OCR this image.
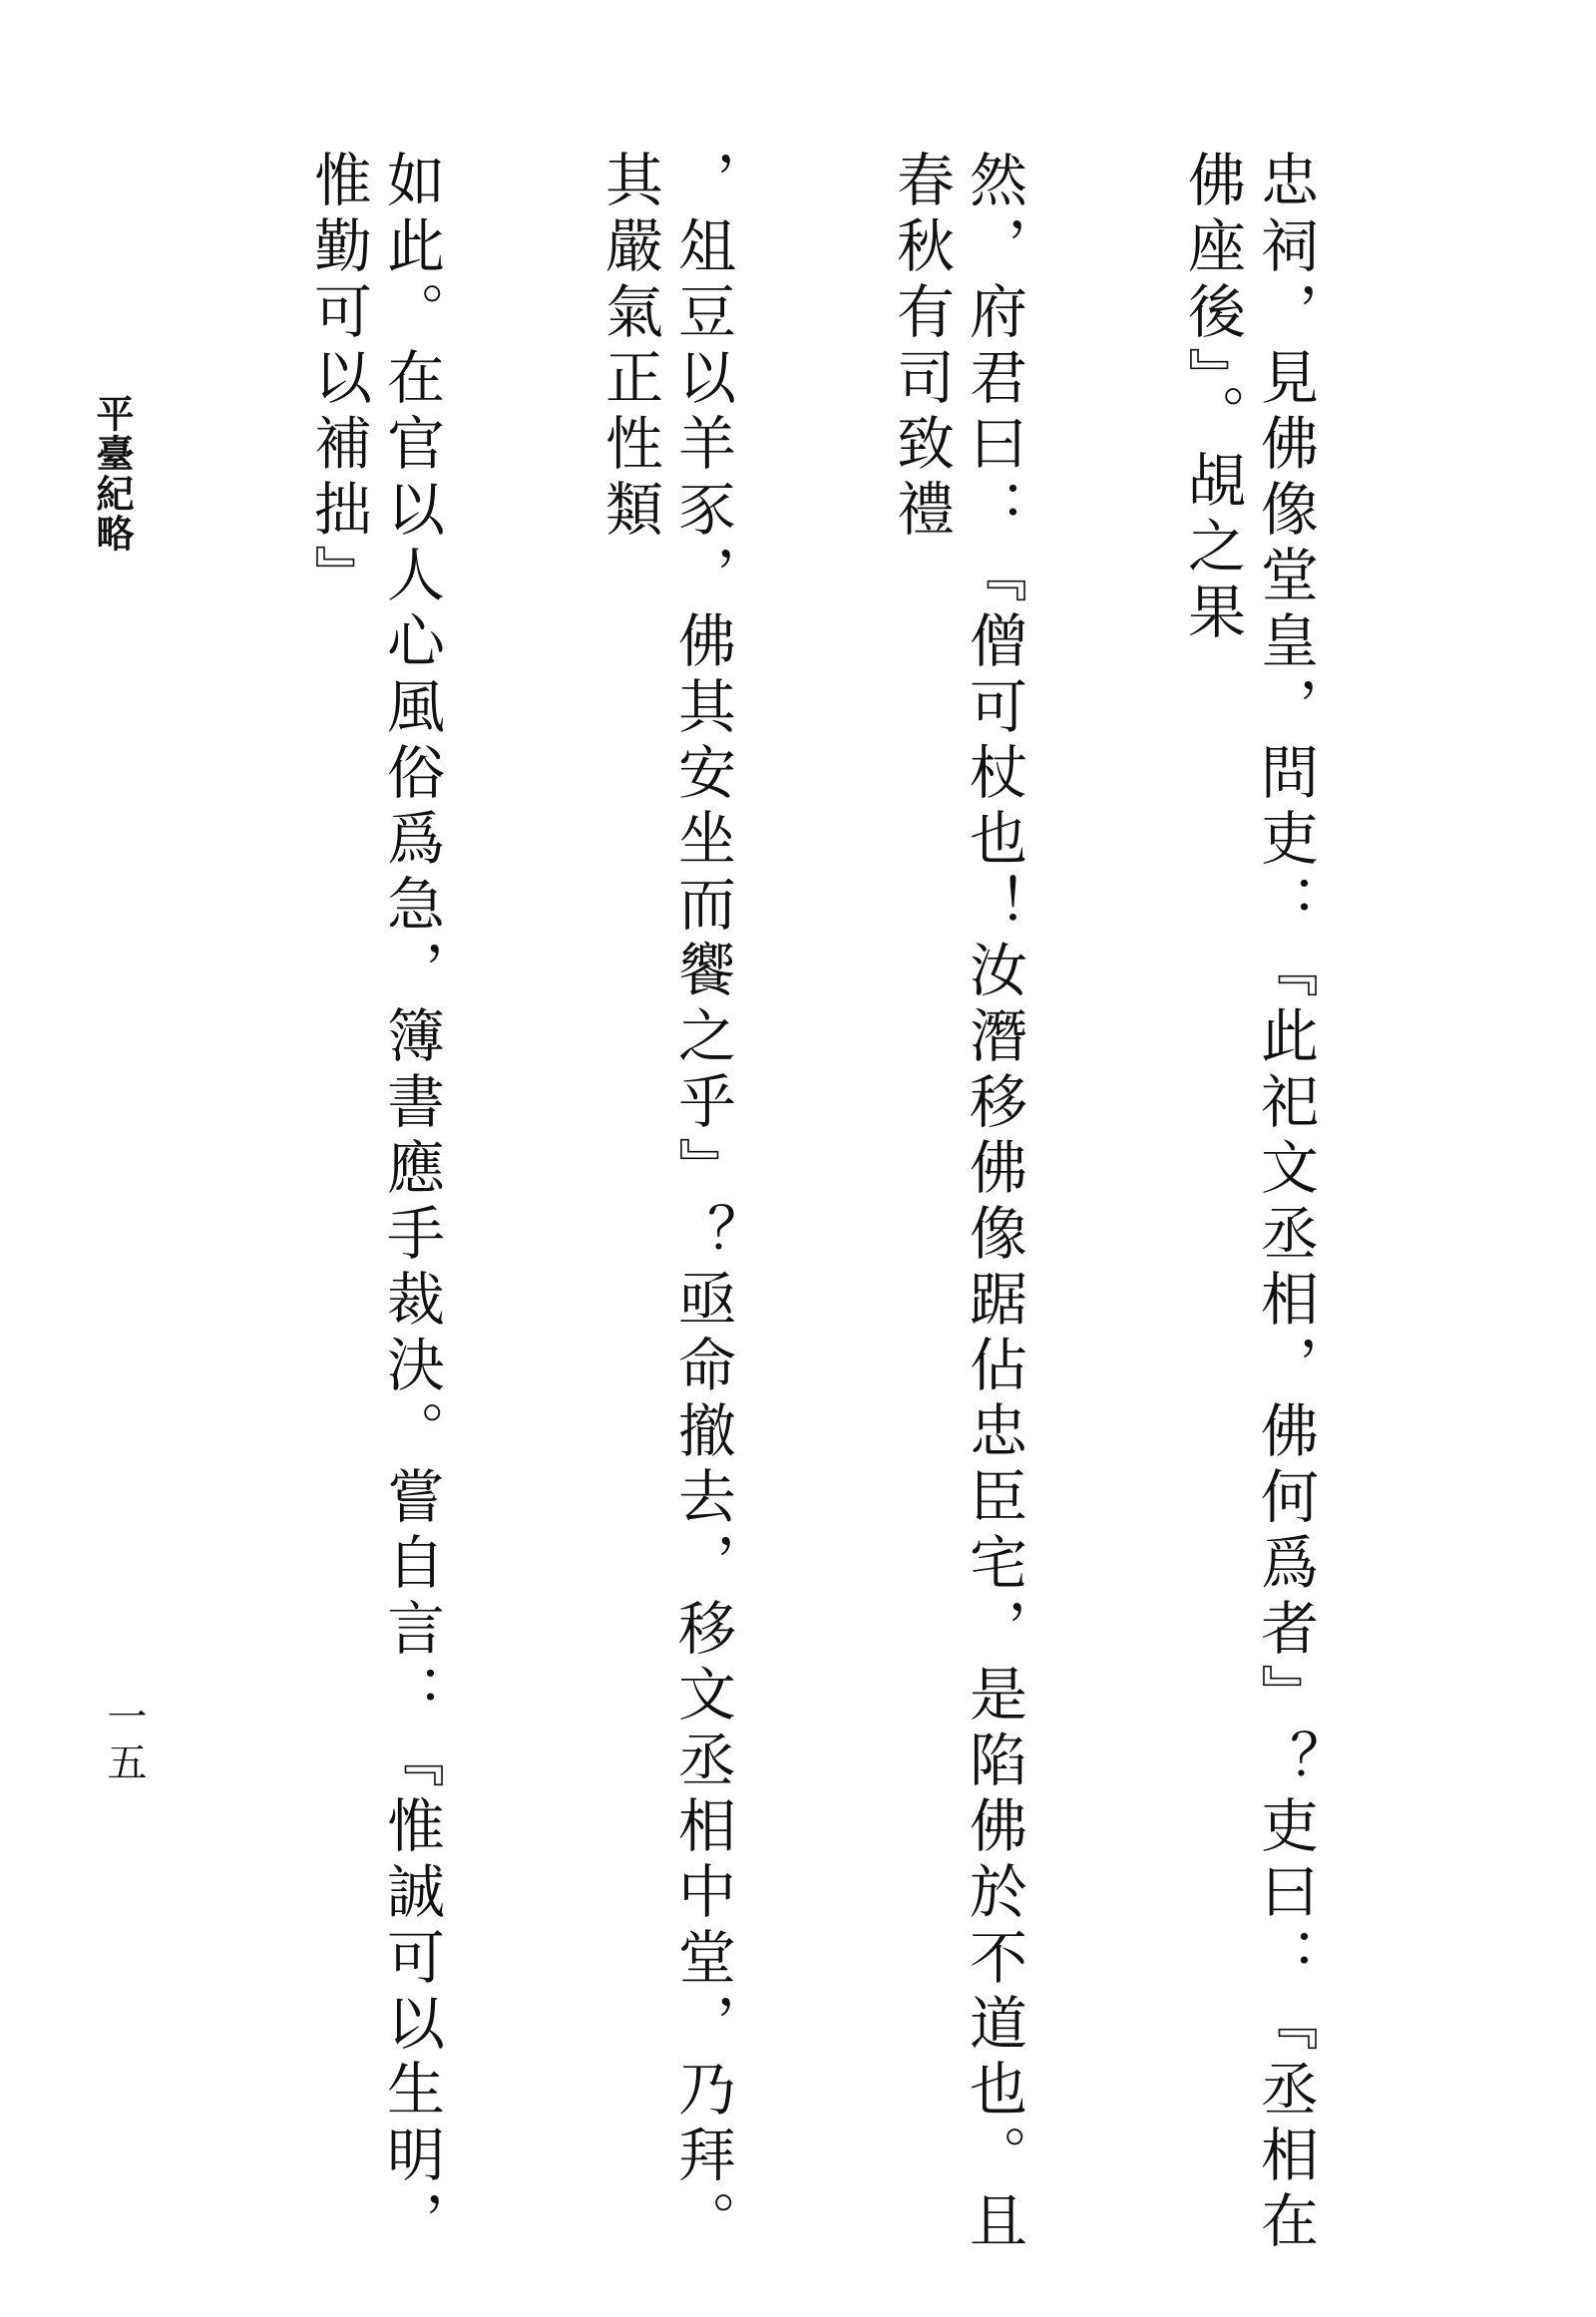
忠祠，見佛像堂皇，問吏：『此祀文丞相，佛何爲者』？吏曰：『丞相在佛座後』。覘之果

然，府君曰：『僧可杖也！汝潛移佛像踞佔忠臣宅，是陷佛於不道也。且春秋有司致禮

，俎豆以羊豕，佛其安坐而饗之乎』？亟命撤去，移文丞相中堂，乃拜。其嚴氣正性類

如此。在官以人心風俗爲急，簿書應手裁決。嘗自言：『惟誠可以生明，惟勤可以補拙』

平臺紀略
一五
